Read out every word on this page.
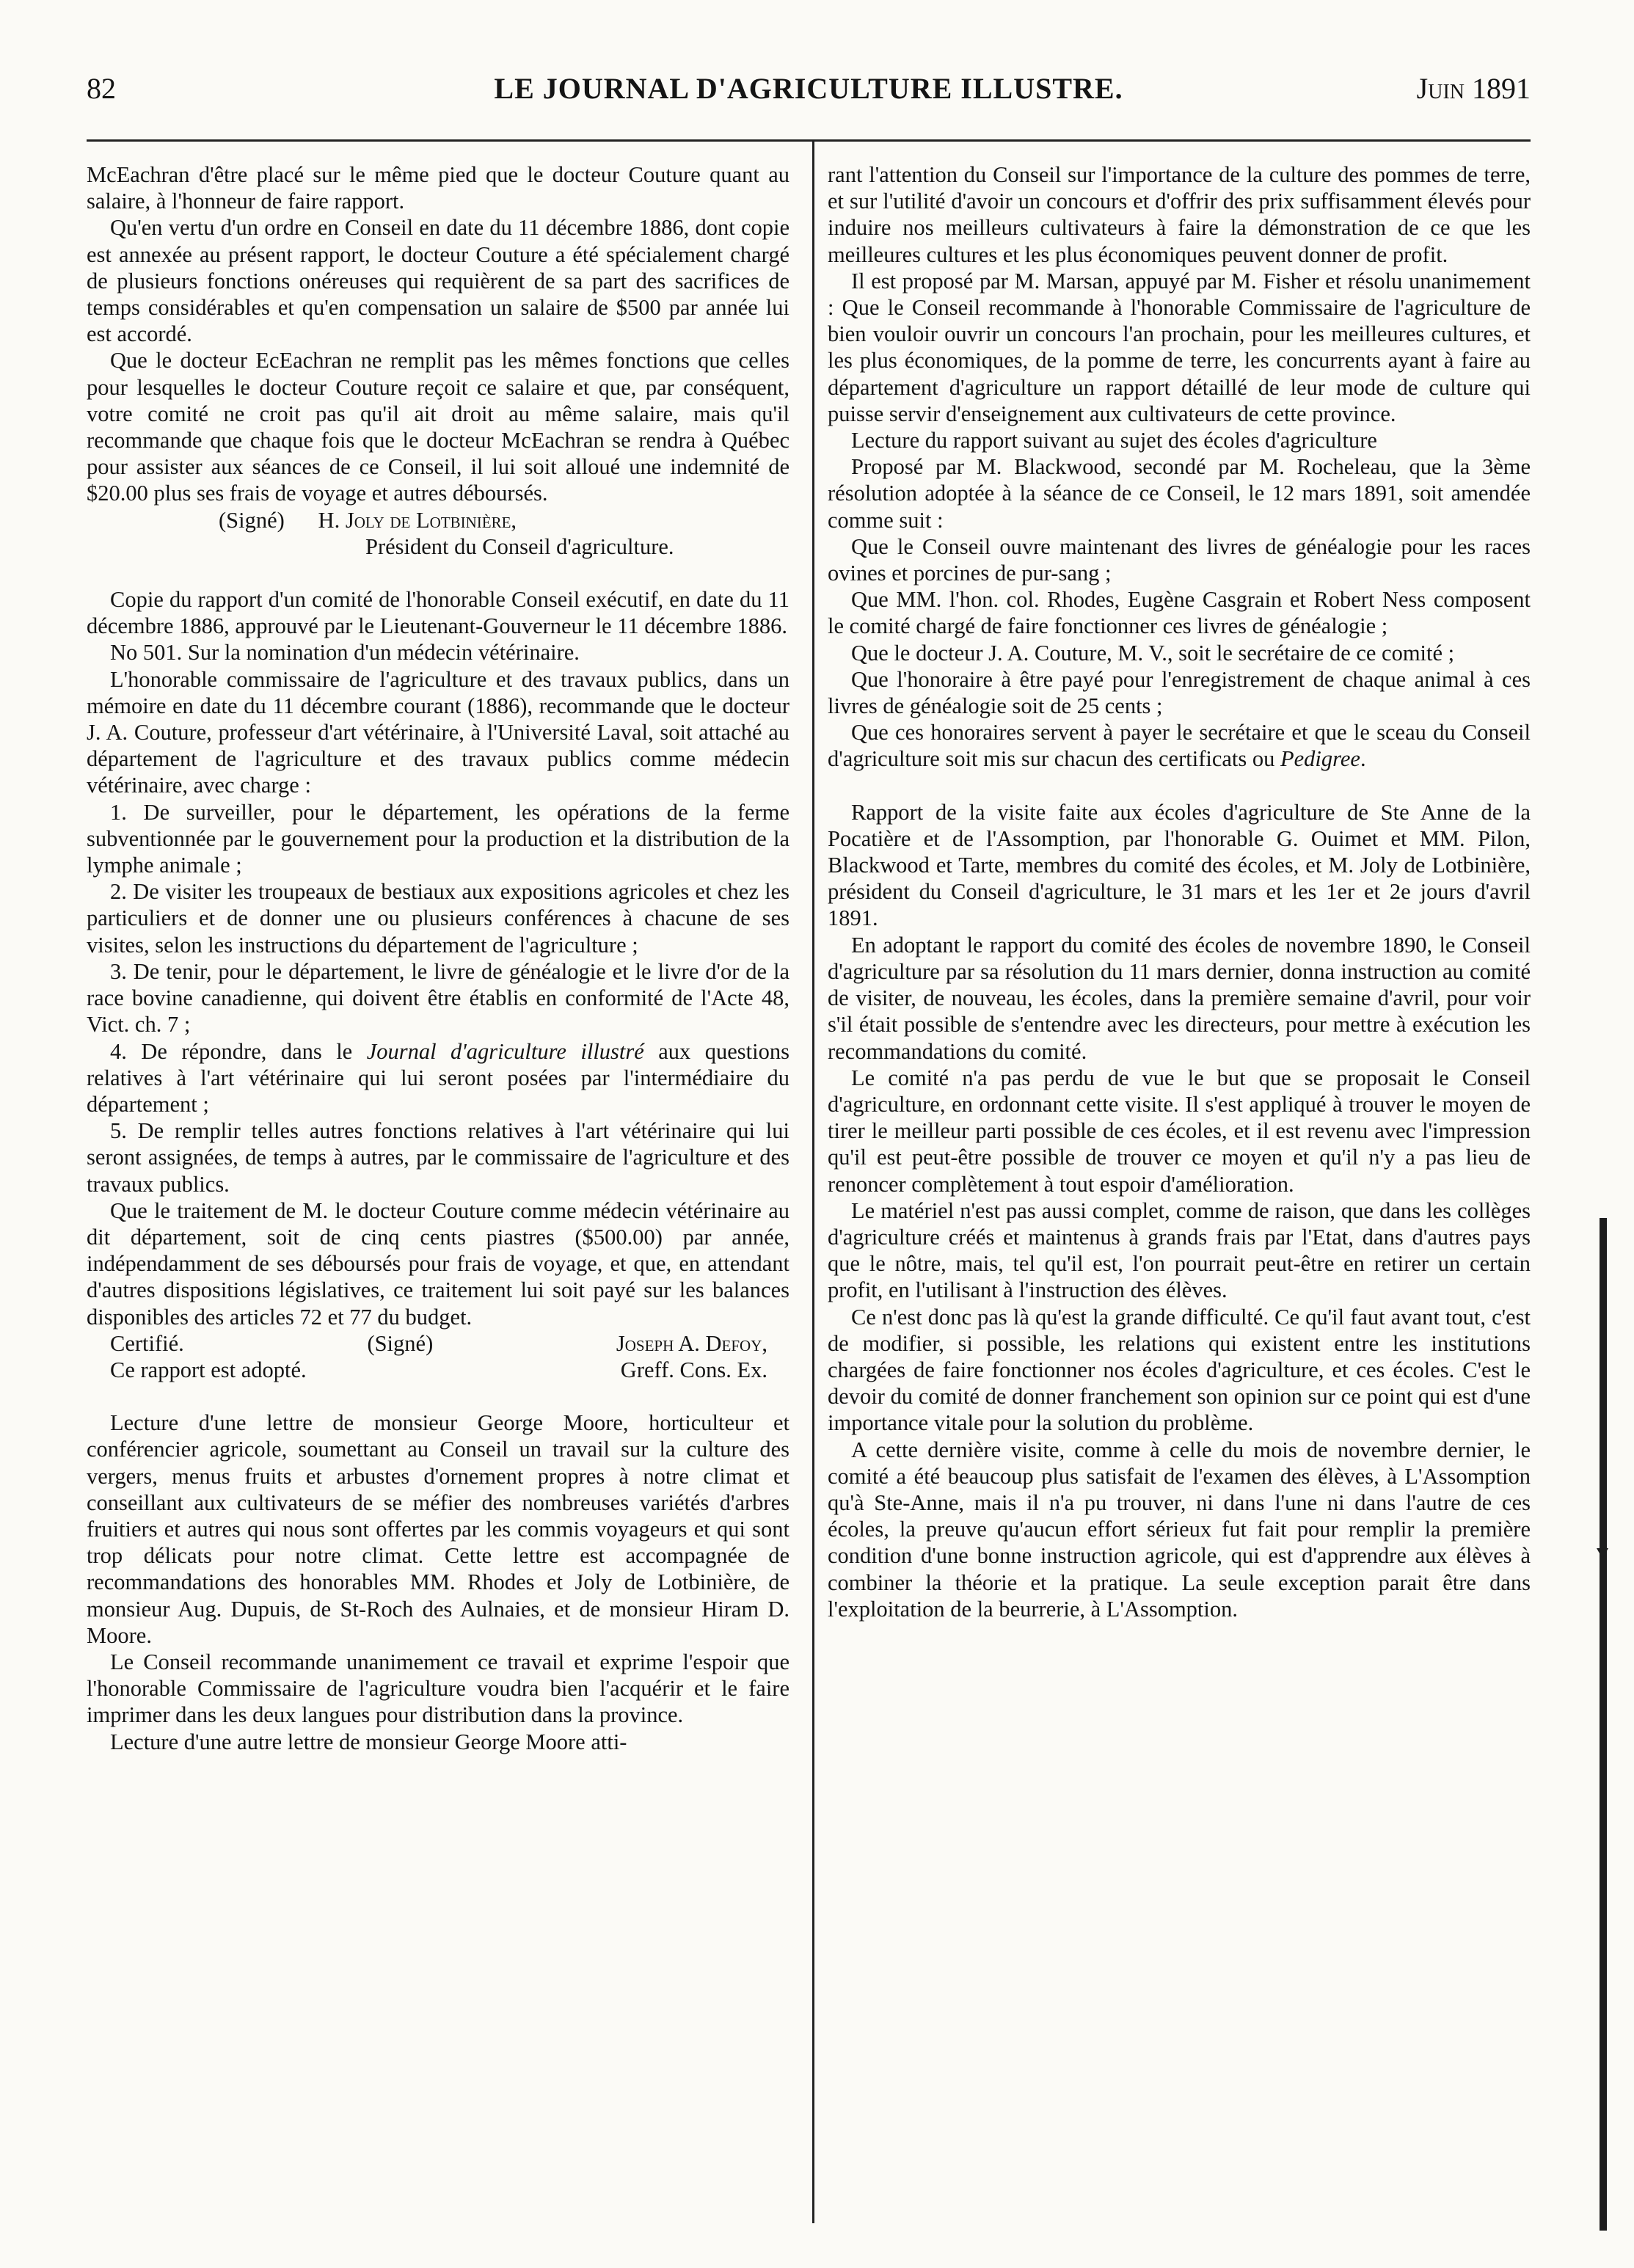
82	LE JOURNAL D'AGRICULTURE ILLUSTRE.	Juin 1891

McEachran d'être placé sur le même pied que le docteur Couture quant au salaire, à l'honneur de faire rapport.

Qu'en vertu d'un ordre en Conseil en date du 11 décembre 1886, dont copie est annexée au présent rapport, le docteur Couture a été spécialement chargé de plusieurs fonctions onéreuses qui requièrent de sa part des sacrifices de temps considérables et qu'en compensation un salaire de $500 par année lui est accordé.

Que le docteur EcEachran ne remplit pas les mêmes fonctions que celles pour lesquelles le docteur Couture reçoit ce salaire et que, par conséquent, votre comité ne croit pas qu'il ait droit au même salaire, mais qu'il recommande que chaque fois que le docteur McEachran se rendra à Québec pour assister aux séances de ce Conseil, il lui soit alloué une indemnité de $20.00 plus ses frais de voyage et autres déboursés.

(Signé) H. Joly de Lotbinière,
Président du Conseil d'agriculture.

Copie du rapport d'un comité de l'honorable Conseil exécutif, en date du 11 décembre 1886, approuvé par le Lieutenant-Gouverneur le 11 décembre 1886.

No 501. Sur la nomination d'un médecin vétérinaire.

L'honorable commissaire de l'agriculture et des travaux publics, dans un mémoire en date du 11 décembre courant (1886), recommande que le docteur J. A. Couture, professeur d'art vétérinaire, à l'Université Laval, soit attaché au département de l'agriculture et des travaux publics comme médecin vétérinaire, avec charge :

1. De surveiller, pour le département, les opérations de la ferme subventionnée par le gouvernement pour la production et la distribution de la lymphe animale ;

2. De visiter les troupeaux de bestiaux aux expositions agricoles et chez les particuliers et de donner une ou plusieurs conférences à chacune de ses visites, selon les instructions du département de l'agriculture ;

3. De tenir, pour le département, le livre de généalogie et le livre d'or de la race bovine canadienne, qui doivent être établis en conformité de l'Acte 48, Vict. ch. 7 ;

4. De répondre, dans le Journal d'agriculture illustré aux questions relatives à l'art vétérinaire qui lui seront posées par l'intermédiaire du département ;

5. De remplir telles autres fonctions relatives à l'art vétérinaire qui lui seront assignées, de temps à autres, par le commissaire de l'agriculture et des travaux publics.

Que le traitement de M. le docteur Couture comme médecin vétérinaire au dit département, soit de cinq cents piastres ($500.00) par année, indépendamment de ses déboursés pour frais de voyage, et que, en attendant d'autres dispositions législatives, ce traitement lui soit payé sur les balances disponibles des articles 72 et 77 du budget.

Certifié.	(Signé)	Joseph A. Defoy,
Ce rapport est adopté.	Greff. Cons. Ex.

Lecture d'une lettre de monsieur George Moore, horticulteur et conférencier agricole, soumettant au Conseil un travail sur la culture des vergers, menus fruits et arbustes d'ornement propres à notre climat et conseillant aux cultivateurs de se méfier des nombreuses variétés d'arbres fruitiers et autres qui nous sont offertes par les commis voyageurs et qui sont trop délicats pour notre climat. Cette lettre est accompagnée de recommandations des honorables MM. Rhodes et Joly de Lotbinière, de monsieur Aug. Dupuis, de St-Roch des Aulnaies, et de monsieur Hiram D. Moore.

Le Conseil recommande unanimement ce travail et exprime l'espoir que l'honorable Commissaire de l'agriculture voudra bien l'acquérir et le faire imprimer dans les deux langues pour distribution dans la province.

Lecture d'une autre lettre de monsieur George Moore atti-

rant l'attention du Conseil sur l'importance de la culture des pommes de terre, et sur l'utilité d'avoir un concours et d'offrir des prix suffisamment élevés pour induire nos meilleurs cultivateurs à faire la démonstration de ce que les meilleures cultures et les plus économiques peuvent donner de profit.

Il est proposé par M. Marsan, appuyé par M. Fisher et résolu unanimement : Que le Conseil recommande à l'honorable Commissaire de l'agriculture de bien vouloir ouvrir un concours l'an prochain, pour les meilleures cultures, et les plus économiques, de la pomme de terre, les concurrents ayant à faire au département d'agriculture un rapport détaillé de leur mode de culture qui puisse servir d'enseignement aux cultivateurs de cette province.

Lecture du rapport suivant au sujet des écoles d'agriculture

Proposé par M. Blackwood, secondé par M. Rocheleau, que la 3ème résolution adoptée à la séance de ce Conseil, le 12 mars 1891, soit amendée comme suit :

Que le Conseil ouvre maintenant des livres de généalogie pour les races ovines et porcines de pur-sang ;

Que MM. l'hon. col. Rhodes, Eugène Casgrain et Robert Ness composent le comité chargé de faire fonctionner ces livres de généalogie ;

Que le docteur J. A. Couture, M. V., soit le secrétaire de ce comité ;

Que l'honoraire à être payé pour l'enregistrement de chaque animal à ces livres de généalogie soit de 25 cents ;

Que ces honoraires servent à payer le secrétaire et que le sceau du Conseil d'agriculture soit mis sur chacun des certificats ou Pedigree.

Rapport de la visite faite aux écoles d'agriculture de Ste Anne de la Pocatière et de l'Assomption, par l'honorable G. Ouimet et MM. Pilon, Blackwood et Tarte, membres du comité des écoles, et M. Joly de Lotbinière, président du Conseil d'agriculture, le 31 mars et les 1er et 2e jours d'avril 1891.

En adoptant le rapport du comité des écoles de novembre 1890, le Conseil d'agriculture par sa résolution du 11 mars dernier, donna instruction au comité de visiter, de nouveau, les écoles, dans la première semaine d'avril, pour voir s'il était possible de s'entendre avec les directeurs, pour mettre à exécution les recommandations du comité.

Le comité n'a pas perdu de vue le but que se proposait le Conseil d'agriculture, en ordonnant cette visite. Il s'est appliqué à trouver le moyen de tirer le meilleur parti possible de ces écoles, et il est revenu avec l'impression qu'il est peut-être possible de trouver ce moyen et qu'il n'y a pas lieu de renoncer complètement à tout espoir d'amélioration.

Le matériel n'est pas aussi complet, comme de raison, que dans les collèges d'agriculture créés et maintenus à grands frais par l'Etat, dans d'autres pays que le nôtre, mais, tel qu'il est, l'on pourrait peut-être en retirer un certain profit, en l'utilisant à l'instruction des élèves.

Ce n'est donc pas là qu'est la grande difficulté. Ce qu'il faut avant tout, c'est de modifier, si possible, les relations qui existent entre les institutions chargées de faire fonctionner nos écoles d'agriculture, et ces écoles. C'est le devoir du comité de donner franchement son opinion sur ce point qui est d'une importance vitale pour la solution du problème.

A cette dernière visite, comme à celle du mois de novembre dernier, le comité a été beaucoup plus satisfait de l'examen des élèves, à L'Assomption qu'à Ste-Anne, mais il n'a pu trouver, ni dans l'une ni dans l'autre de ces écoles, la preuve qu'aucun effort sérieux fut fait pour remplir la première condition d'une bonne instruction agricole, qui est d'apprendre aux élèves à combiner la théorie et la pratique. La seule exception parait être dans l'exploitation de la beurrerie, à L'Assomption.
